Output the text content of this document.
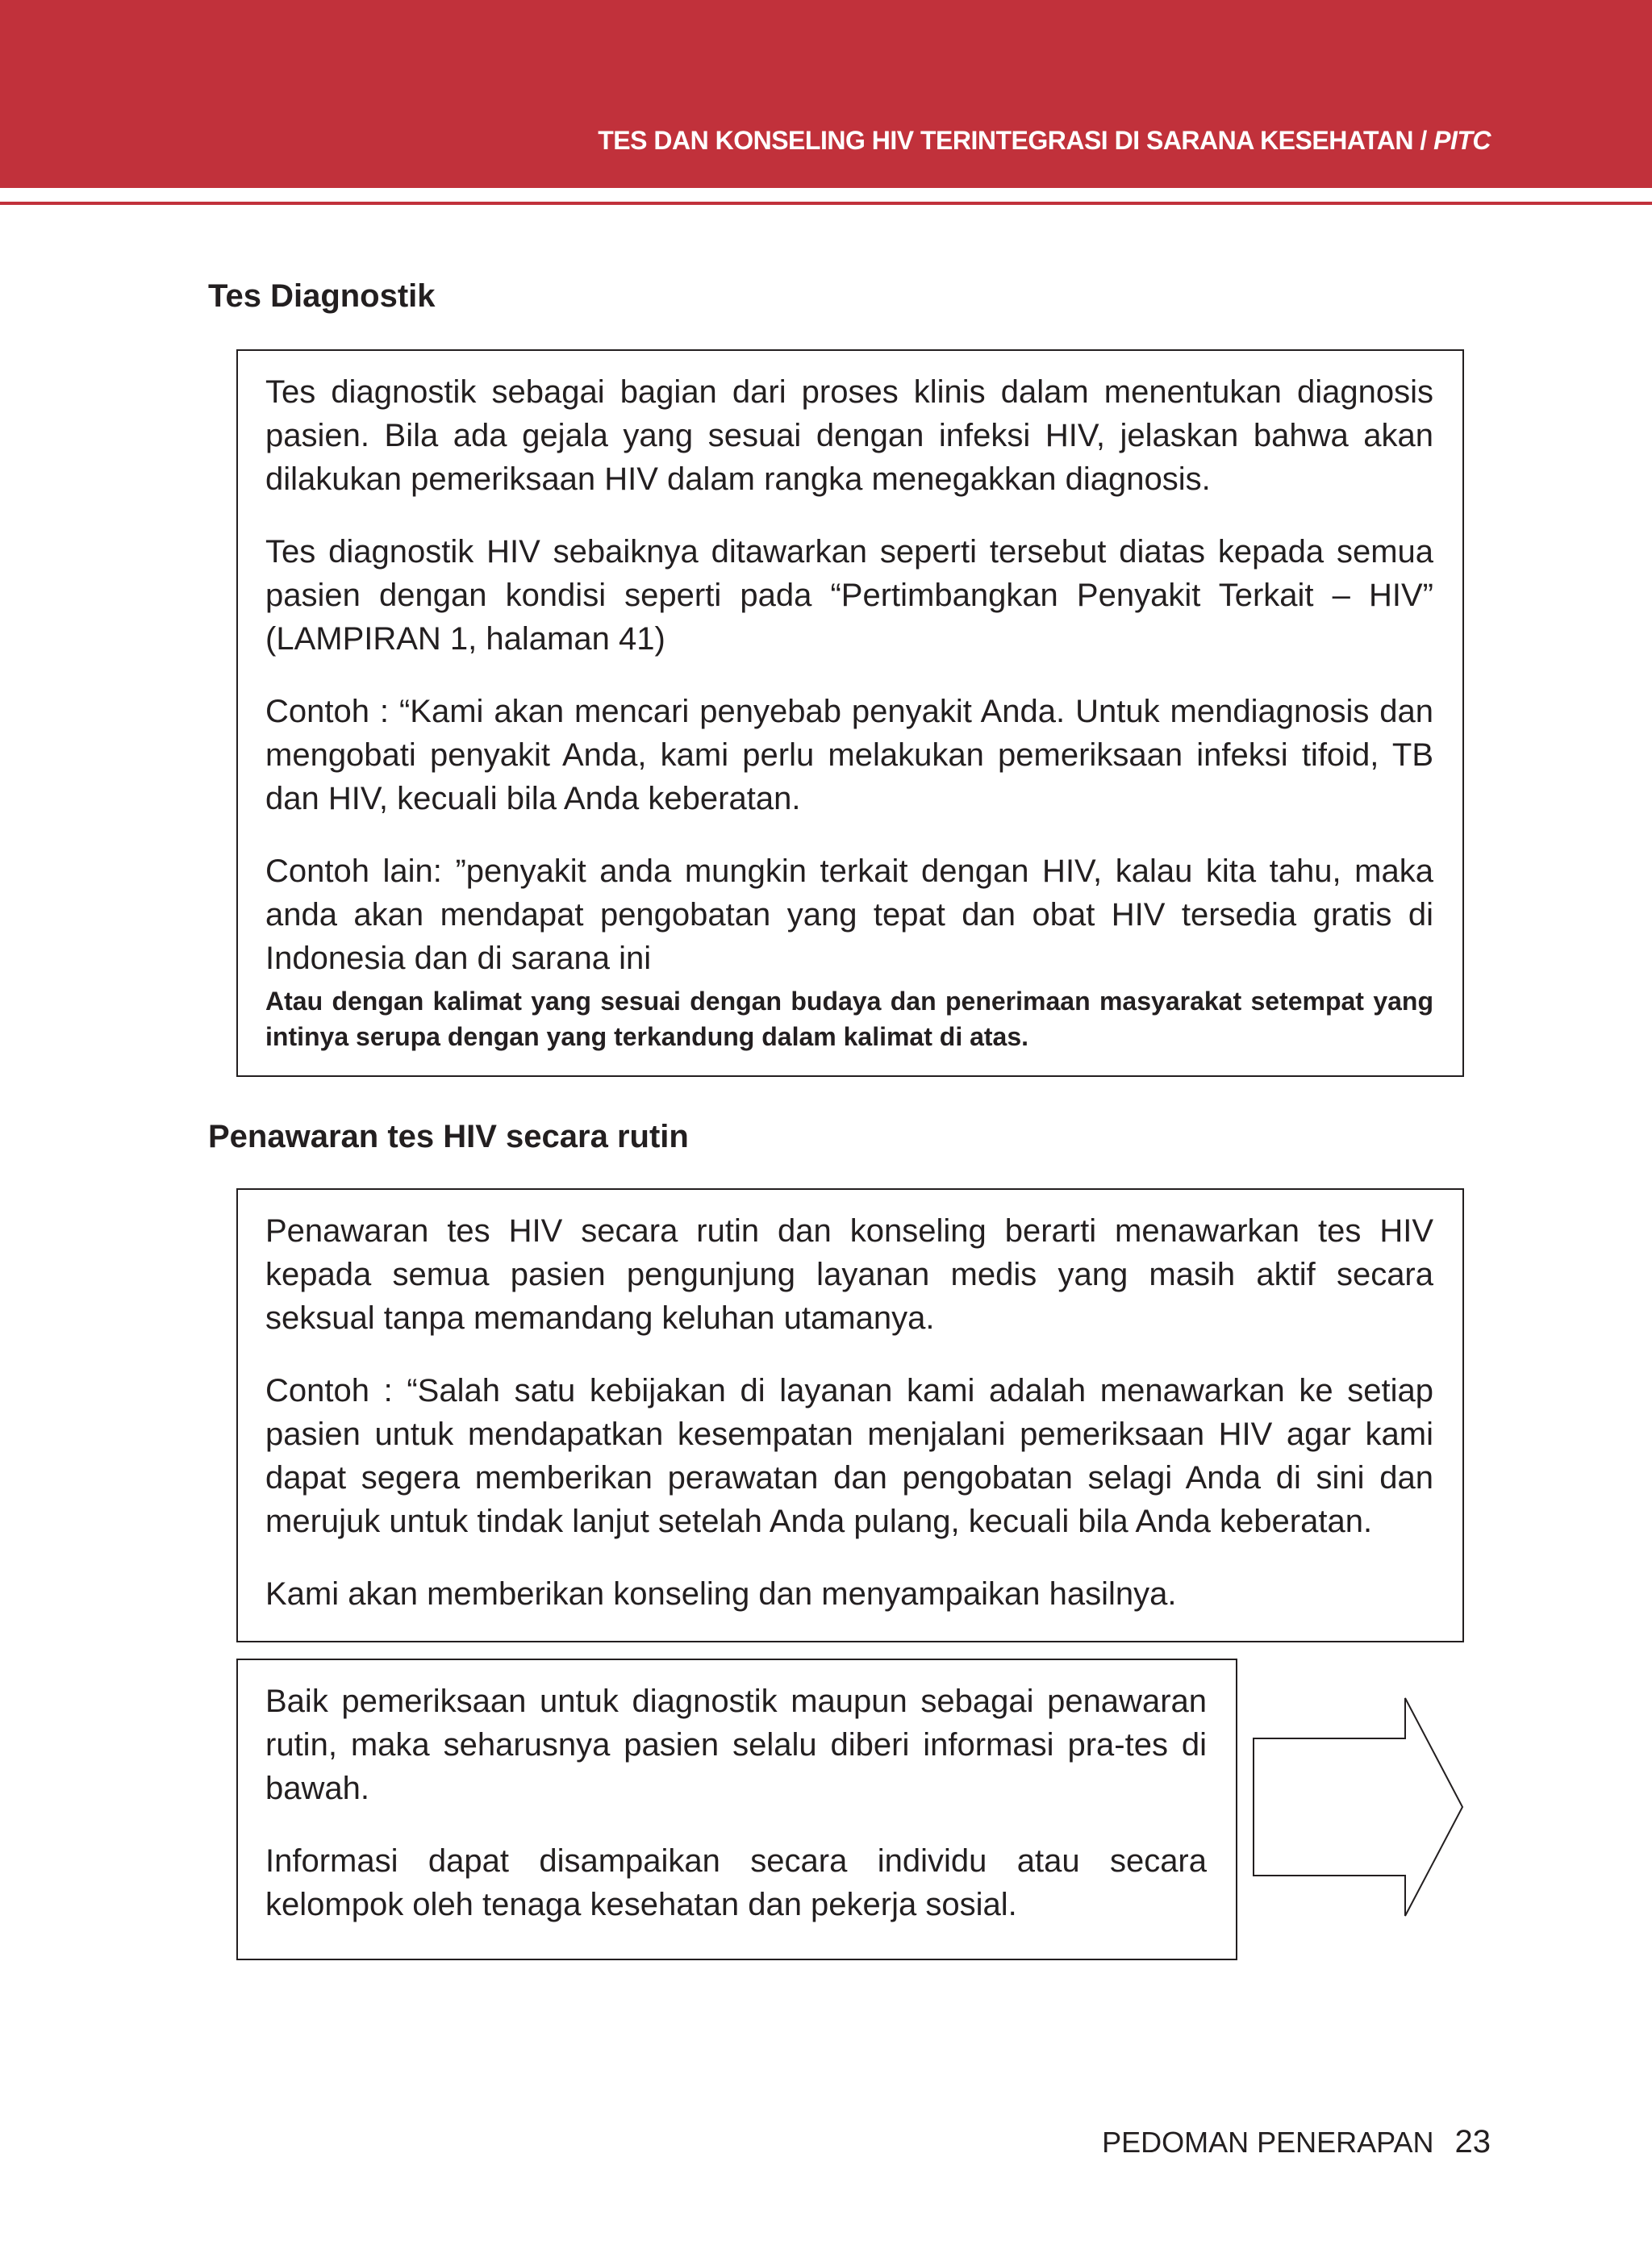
TES DAN KONSELING HIV TERINTEGRASI DI SARANA KESEHATAN / PITC
Tes Diagnostik

Tes diagnostik sebagai bagian dari proses klinis dalam menentukan diagnosis pasien. Bila ada gejala yang sesuai dengan infeksi HIV, jelaskan bahwa akan dilakukan pemeriksaan HIV dalam rangka menegakkan diagnosis.

Tes diagnostik HIV sebaiknya ditawarkan seperti tersebut diatas kepada semua pasien dengan kondisi seperti pada “Pertimbangkan Penyakit Terkait – HIV” (LAMPIRAN 1, halaman 41)

Contoh : “Kami akan mencari penyebab penyakit Anda. Untuk mendiagnosis dan mengobati penyakit Anda, kami perlu melakukan pemeriksaan infeksi tifoid, TB dan HIV, kecuali bila Anda keberatan.

Contoh lain: ”penyakit anda mungkin terkait dengan HIV, kalau kita tahu, maka anda akan mendapat pengobatan yang tepat dan obat HIV tersedia gratis di Indonesia dan di sarana ini

Atau dengan kalimat yang sesuai dengan budaya dan penerimaan masyarakat setempat yang intinya serupa dengan yang terkandung dalam kalimat di atas.

Penawaran tes HIV secara rutin

Penawaran tes HIV secara rutin dan konseling berarti menawarkan tes HIV kepada semua pasien pengunjung layanan medis yang masih aktif secara seksual tanpa memandang keluhan utamanya.

Contoh : “Salah satu kebijakan di layanan kami adalah menawarkan ke setiap pasien untuk mendapatkan kesempatan menjalani pemeriksaan HIV agar kami dapat segera memberikan perawatan dan pengobatan selagi Anda di sini dan merujuk untuk tindak lanjut setelah Anda pulang, kecuali bila Anda keberatan.

Kami akan memberikan konseling dan menyampaikan hasilnya.

Baik pemeriksaan untuk diagnostik maupun sebagai penawaran rutin, maka seharusnya pasien selalu diberi informasi pra-tes di bawah.

Informasi dapat disampaikan secara individu atau secara kelompok oleh tenaga kesehatan dan pekerja sosial.

PEDOMAN PENERAPAN 23
